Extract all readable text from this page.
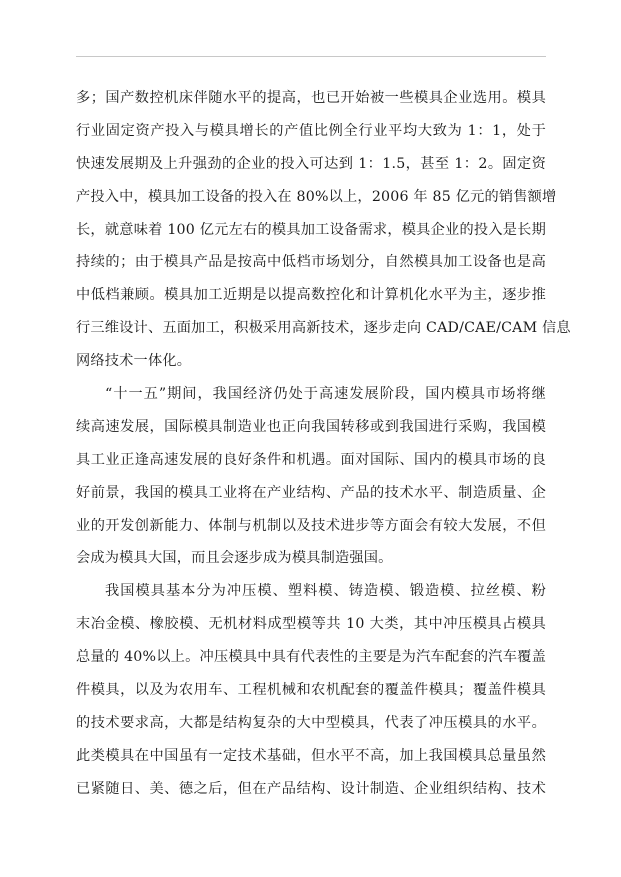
多；国产数控机床伴随水平的提高，也已开始被一些模具企业选用。模具
行业固定资产投入与模具增长的产值比例全行业平均大致为 1：1，处于
快速发展期及上升强劲的企业的投入可达到 1：1.5，甚至 1：2。固定资
产投入中，模具加工设备的投入在 80%以上，2006 年 85 亿元的销售额增
长，就意味着 100 亿元左右的模具加工设备需求，模具企业的投入是长期
持续的；由于模具产品是按高中低档市场划分，自然模具加工设备也是高
中低档兼顾。模具加工近期是以提高数控化和计算机化水平为主，逐步推
行三维设计、五面加工，积极采用高新技术，逐步走向 CAD/CAE/CAM 信息
网络技术一体化。
“十一五”期间，我国经济仍处于高速发展阶段，国内模具市场将继
续高速发展，国际模具制造业也正向我国转移或到我国进行采购，我国模
具工业正逢高速发展的良好条件和机遇。面对国际、国内的模具市场的良
好前景，我国的模具工业将在产业结构、产品的技术水平、制造质量、企
业的开发创新能力、体制与机制以及技术进步等方面会有较大发展，不但
会成为模具大国，而且会逐步成为模具制造强国。
我国模具基本分为冲压模、塑料模、铸造模、锻造模、拉丝模、粉
末冶金模、橡胶模、无机材料成型模等共 10 大类，其中冲压模具占模具
总量的 40%以上。冲压模具中具有代表性的主要是为汽车配套的汽车覆盖
件模具，以及为农用车、工程机械和农机配套的覆盖件模具；覆盖件模具
的技术要求高，大都是结构复杂的大中型模具，代表了冲压模具的水平。
此类模具在中国虽有一定技术基础，但水平不高，加上我国模具总量虽然
已紧随日、美、德之后，但在产品结构、设计制造、企业组织结构、技术
